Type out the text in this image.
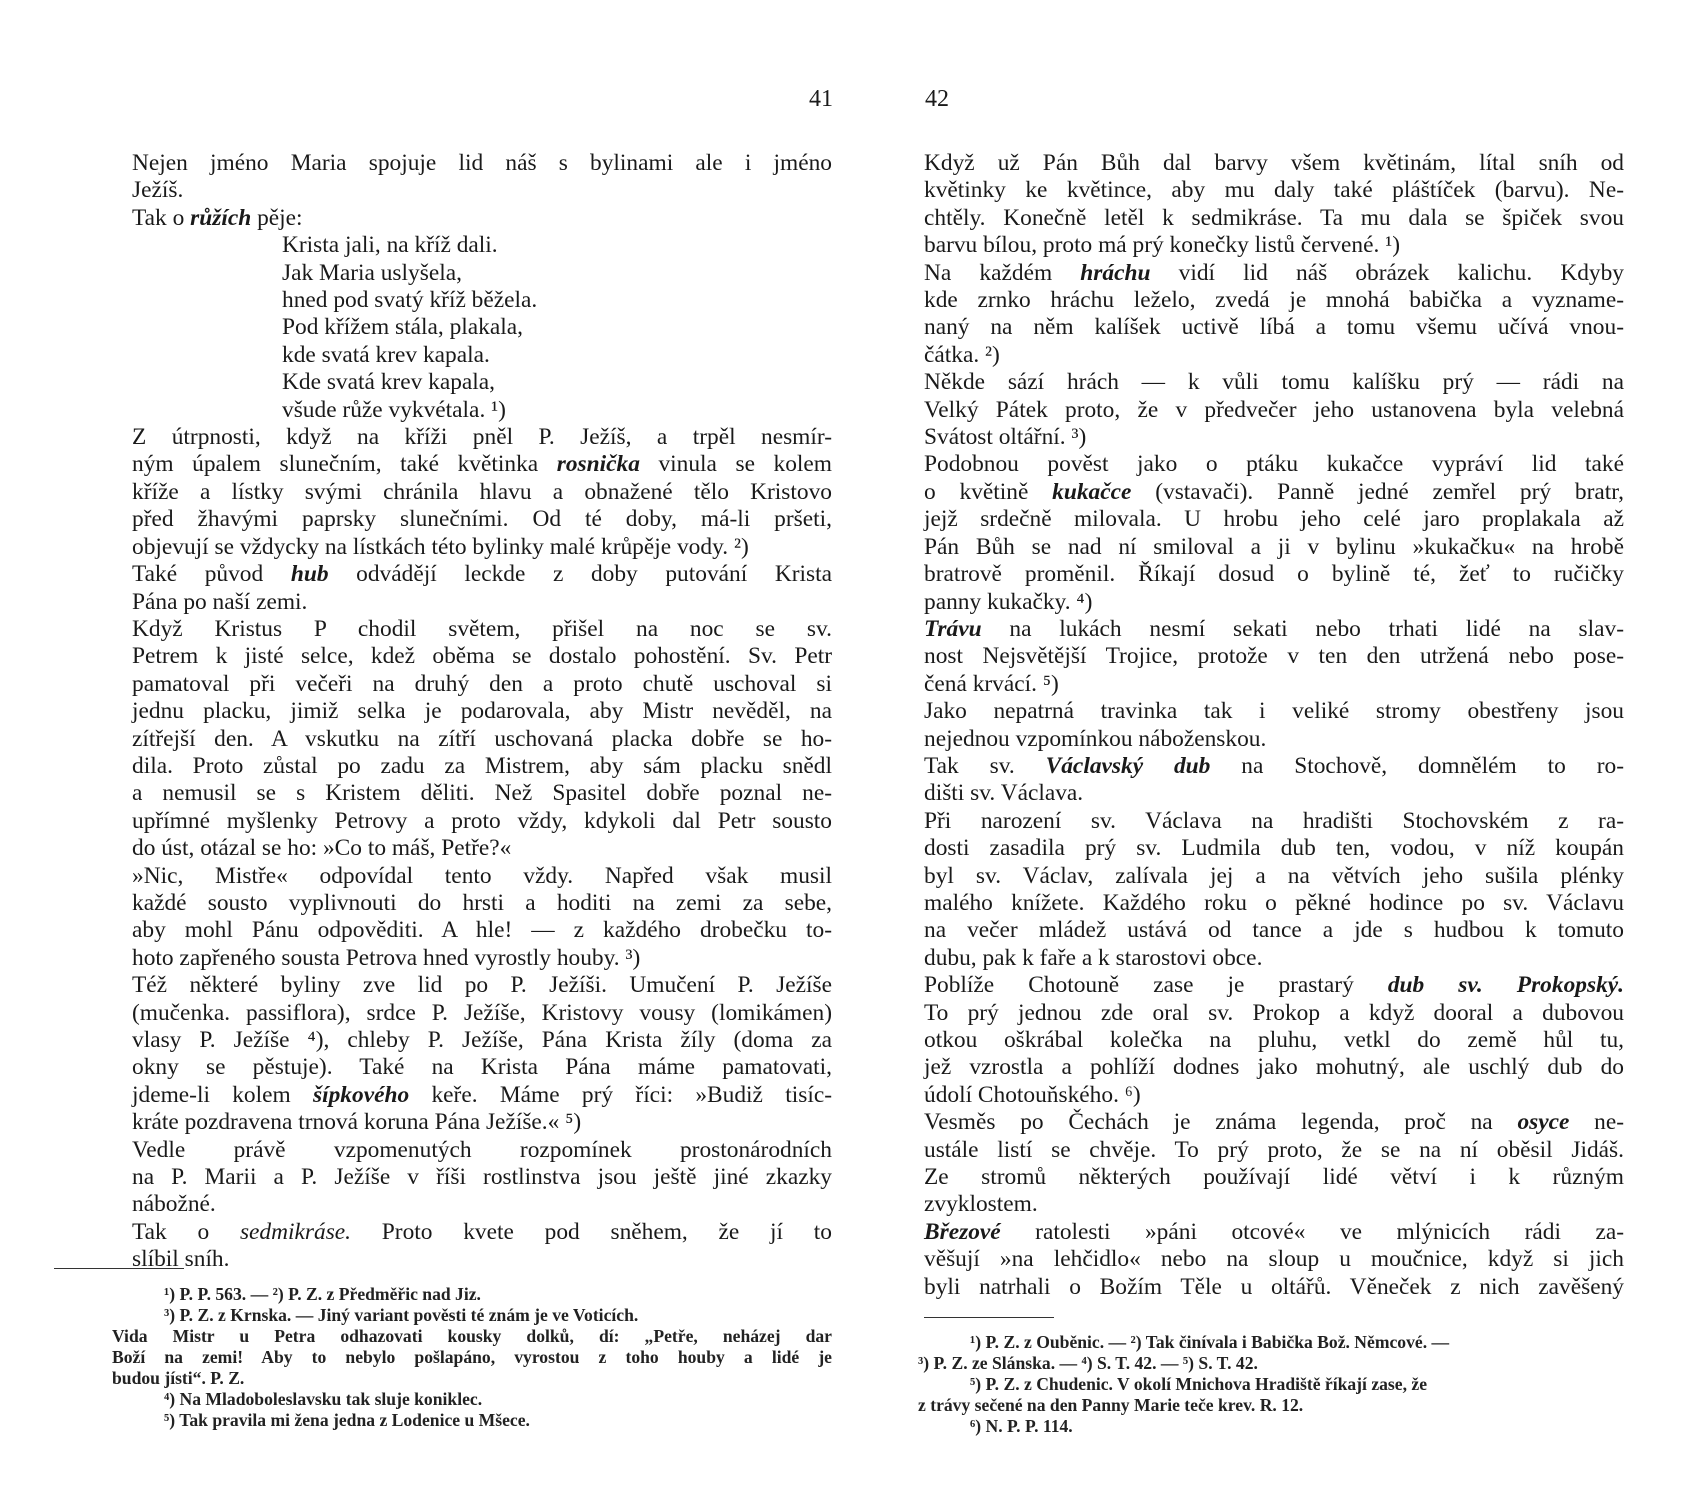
41
Nejen jméno Maria spojuje lid náš s bylinami ale i jméno
Ježíš.
Tak o růžích pěje:
Krista jali, na kříž dali.
Jak Maria uslyšela,
hned pod svatý kříž běžela.
Pod křížem stála, plakala,
kde svatá krev kapala.
Kde svatá krev kapala,
všude růže vykvétala. ¹)
Z útrpnosti, když na kříži pněl P. Ježíš, a trpěl nesmír-
ným úpalem slunečním, také květinka rosnička vinula se kolem
kříže a lístky svými chránila hlavu a obnažené tělo Kristovo
před žhavými paprsky slunečními. Od té doby, má-li pršeti,
objevují se vždycky na lístkách této bylinky malé krůpěje vody. ²)
Také původ hub odvádějí leckde z doby putování Krista
Pána po naší zemi.
Když Kristus P chodil světem, přišel na noc se sv.
Petrem k jisté selce, kdež oběma se dostalo pohostění. Sv. Petr
pamatoval při večeři na druhý den a proto chutě uschoval si
jednu placku, jimiž selka je podarovala, aby Mistr nevěděl, na
zítřejší den. A vskutku na zítří uschovaná placka dobře se ho-
dila. Proto zůstal po zadu za Mistrem, aby sám placku snědl
a nemusil se s Kristem děliti. Než Spasitel dobře poznal ne-
upřímné myšlenky Petrovy a proto vždy, kdykoli dal Petr sousto
do úst, otázal se ho: »Co to máš, Petře?«
»Nic, Mistře« odpovídal tento vždy. Napřed však musil
každé sousto vyplivnouti do hrsti a hoditi na zemi za sebe,
aby mohl Pánu odpověditi. A hle! — z každého drobečku to-
hoto zapřeného sousta Petrova hned vyrostly houby. ³)
Též některé byliny zve lid po P. Ježíši. Umučení P. Ježíše
(mučenka. passiflora), srdce P. Ježíše, Kristovy vousy (lomikámen)
vlasy P. Ježíše ⁴), chleby P. Ježíše, Pána Krista žíly (doma za
okny se pěstuje). Také na Krista Pána máme pamatovati,
jdeme-li kolem šípkového keře. Máme prý říci: »Budiž tisíc-
kráte pozdravena trnová koruna Pána Ježíše.« ⁵)
Vedle právě vzpomenutých rozpomínek prostonárodních
na P. Marii a P. Ježíše v říši rostlinstva jsou ještě jiné zkazky
nábožné.
Tak o sedmikráse. Proto kvete pod sněhem, že jí to
slíbil sníh.
¹) P. P. 563. — ²) P. Z. z Předměřic nad Jiz.
³) P. Z. z Krnska. — Jiný variant pověsti té znám je ve Voticích.
Vida Mistr u Petra odhazovati kousky dolků, dí: „Petře, neházej dar
Boží na zemi! Aby to nebylo pošlapáno, vyrostou z toho houby a lidé je
budou jísti“. P. Z.
⁴) Na Mladoboleslavsku tak sluje koniklec.
⁵) Tak pravila mi žena jedna z Lodenice u Mšece.
42
Když už Pán Bůh dal barvy všem květinám, lítal sníh od
květinky ke květince, aby mu daly také pláštíček (barvu). Ne-
chtěly. Konečně letěl k sedmikráse. Ta mu dala se špiček svou
barvu bílou, proto má prý konečky listů červené. ¹)
Na každém hráchu vidí lid náš obrázek kalichu. Kdyby
kde zrnko hráchu leželo, zvedá je mnohá babička a vyzname-
naný na něm kalíšek uctivě líbá a tomu všemu učívá vnou-
čátka. ²)
Někde sází hrách — k vůli tomu kalíšku prý — rádi na
Velký Pátek proto, že v předvečer jeho ustanovena byla velebná
Svátost oltářní. ³)
Podobnou pověst jako o ptáku kukačce vypráví lid také
o květině kukačce (vstavači). Panně jedné zemřel prý bratr,
jejž srdečně milovala. U hrobu jeho celé jaro proplakala až
Pán Bůh se nad ní smiloval a ji v bylinu »kukačku« na hrobě
bratrově proměnil. Říkají dosud o bylině té, žeť to ručičky
panny kukačky. ⁴)
Trávu na lukách nesmí sekati nebo trhati lidé na slav-
nost Nejsvětější Trojice, protože v ten den utržená nebo pose-
čená krvácí. ⁵)
Jako nepatrná travinka tak i veliké stromy obestřeny jsou
nejednou vzpomínkou náboženskou.
Tak sv. Václavský dub na Stochově, domnělém to ro-
dišti sv. Václava.
Při narození sv. Václava na hradišti Stochovském z ra-
dosti zasadila prý sv. Ludmila dub ten, vodou, v níž koupán
byl sv. Václav, zalívala jej a na větvích jeho sušila plénky
malého knížete. Každého roku o pěkné hodince po sv. Václavu
na večer mládež ustává od tance a jde s hudbou k tomuto
dubu, pak k faře a k starostovi obce.
Poblíže Chotouně zase je prastarý dub sv. Prokopský.
To prý jednou zde oral sv. Prokop a když dooral a dubovou
otkou oškrábal kolečka na pluhu, vetkl do země hůl tu,
jež vzrostla a pohlíží dodnes jako mohutný, ale uschlý dub do
údolí Chotouňského. ⁶)
Vesměs po Čechách je známa legenda, proč na osyce ne-
ustále listí se chvěje. To prý proto, že se na ní oběsil Jidáš.
Ze stromů některých používají lidé větví i k různým
zvyklostem.
Březové ratolesti »páni otcové« ve mlýnicích rádi za-
věšují »na lehčidlo« nebo na sloup u moučnice, když si jich
byli natrhali o Božím Těle u oltářů. Věneček z nich zavěšený
¹) P. Z. z Ouběnic. — ²) Tak činívala i Babička Bož. Němcové. —
³) P. Z. ze Slánska. — ⁴) S. T. 42. — ⁵) S. T. 42.
⁵) P. Z. z Chudenic. V okolí Mnichova Hradiště říkají zase, že
z trávy sečené na den Panny Marie teče krev. R. 12.
⁶) N. P. P. 114.
